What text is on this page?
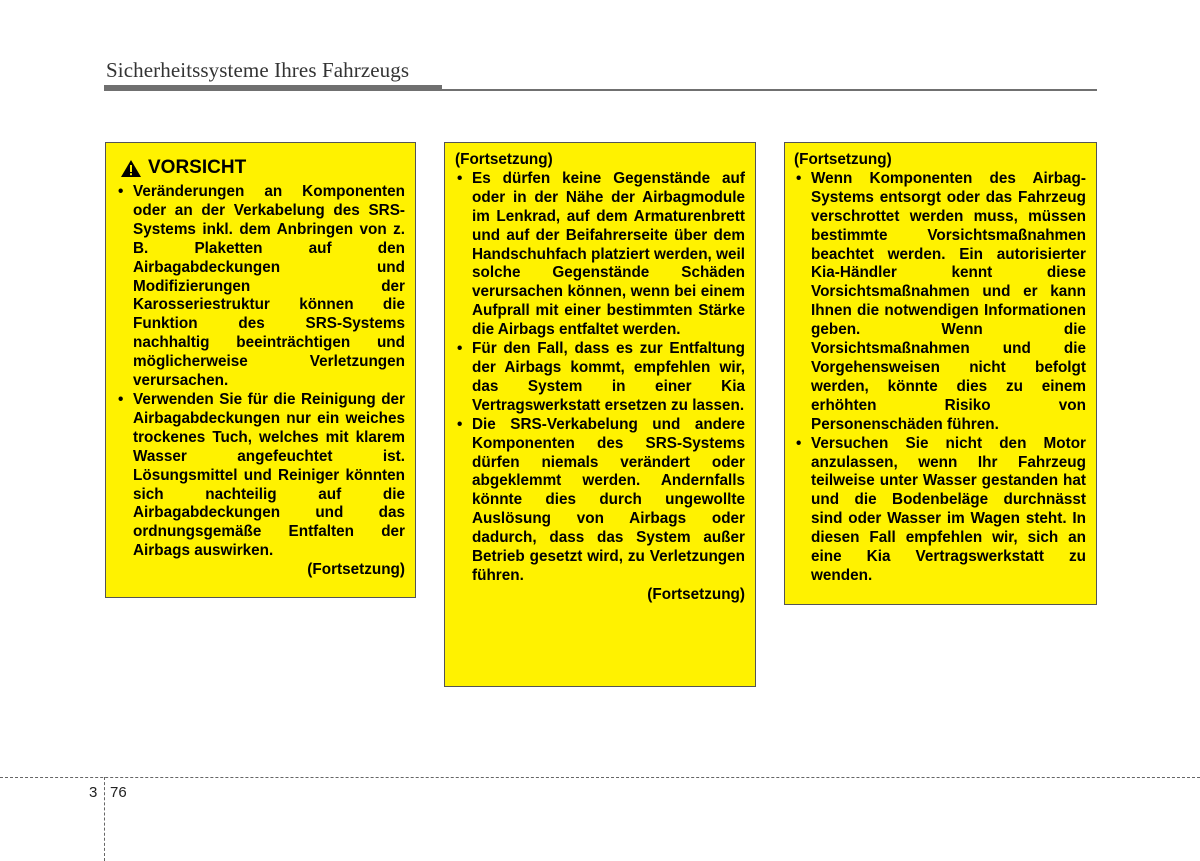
Sicherheitssysteme Ihres Fahrzeugs
VORSICHT
• Veränderungen an Komponenten oder an der Verkabelung des SRS-Systems inkl. dem Anbringen von z. B. Plaketten auf den Airbagabdeckungen und Modifizierungen der Karosseriestruktur können die Funktion des SRS-Systems nachhaltig beeinträchtigen und möglicherweise Verletzungen verursachen.
• Verwenden Sie für die Reinigung der Airbagabdeckungen nur ein weiches trockenes Tuch, welches mit klarem Wasser angefeuchtet ist. Lösungsmittel und Reiniger könnten sich nachteilig auf die Airbagabdeckungen und das ordnungsgemäße Entfalten der Airbags auswirken.
(Fortsetzung)
(Fortsetzung)
• Es dürfen keine Gegenstände auf oder in der Nähe der Airbagmodule im Lenkrad, auf dem Armaturenbrett und auf der Beifahrerseite über dem Handschuhfach platziert werden, weil solche Gegenstände Schäden verursachen können, wenn bei einem Aufprall mit einer bestimmten Stärke die Airbags entfaltet werden.
• Für den Fall, dass es zur Entfaltung der Airbags kommt, empfehlen wir, das System in einer Kia Vertragswerkstatt ersetzen zu lassen.
• Die SRS-Verkabelung und andere Komponenten des SRS-Systems dürfen niemals verändert oder abgeklemmt werden. Andernfalls könnte dies durch ungewollte Auslösung von Airbags oder dadurch, dass das System außer Betrieb gesetzt wird, zu Verletzungen führen.
(Fortsetzung)
(Fortsetzung)
• Wenn Komponenten des Airbag-Systems entsorgt oder das Fahrzeug verschrottet werden muss, müssen bestimmte Vorsichtsmaßnahmen beachtet werden. Ein autorisierter Kia-Händler kennt diese Vorsichtsmaßnahmen und er kann Ihnen die notwendigen Informationen geben. Wenn die Vorsichtsmaßnahmen und die Vorgehensweisen nicht befolgt werden, könnte dies zu einem erhöhten Risiko von Personenschäden führen.
• Versuchen Sie nicht den Motor anzulassen, wenn Ihr Fahrzeug teilweise unter Wasser gestanden hat und die Bodenbeläge durchnässt sind oder Wasser im Wagen steht. In diesen Fall empfehlen wir, sich an eine Kia Vertragswerkstatt zu wenden.
3 76
